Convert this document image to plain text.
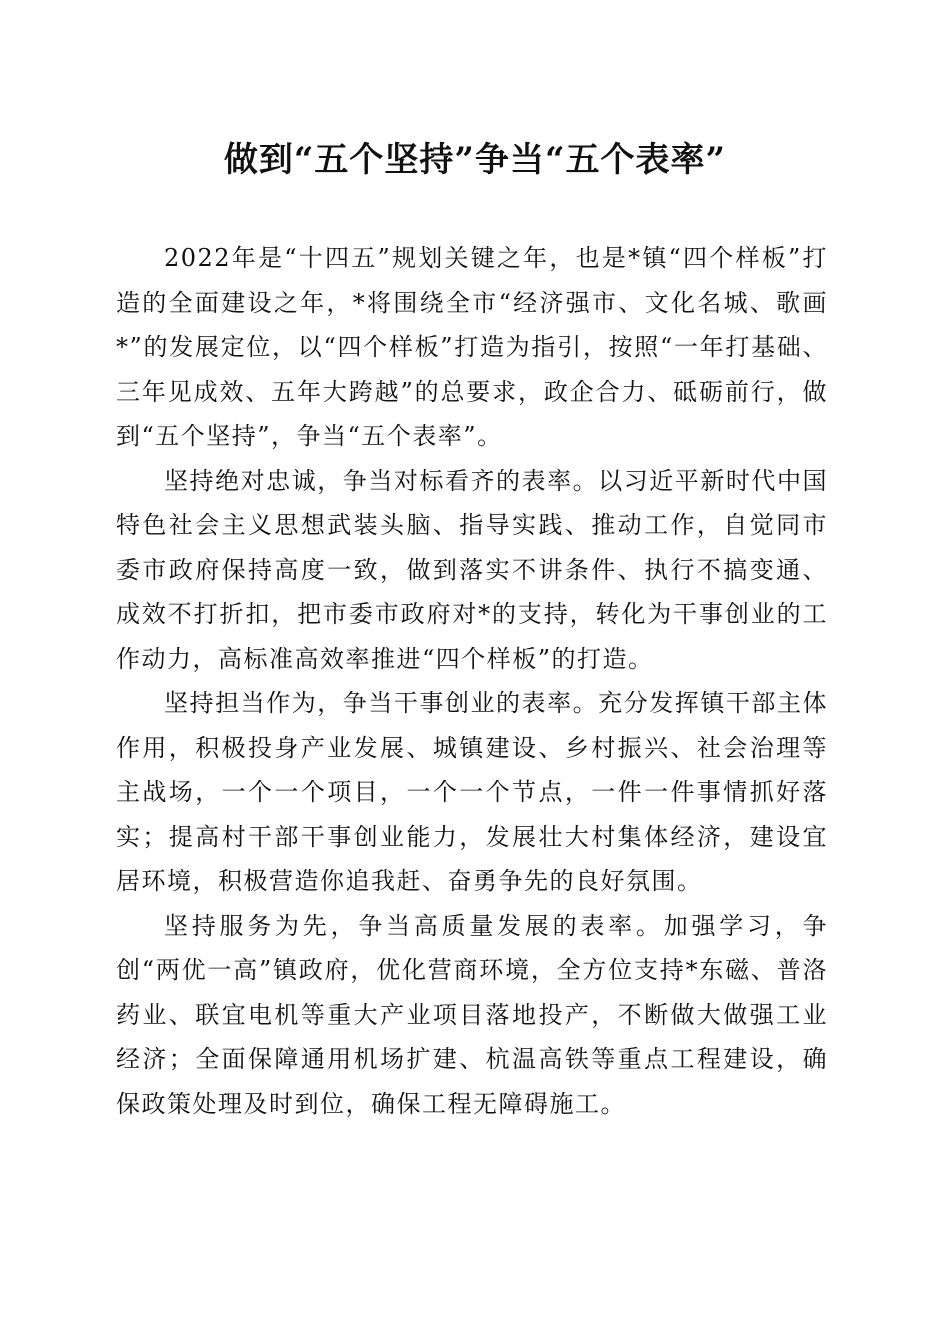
做到“五个坚持”争当“五个表率”

2022年是“十四五”规划关键之年，也是*镇“四个样板”打造的全面建设之年，*将围绕全市“经济强市、文化名城、歌画*”的发展定位，以“四个样板”打造为指引，按照“一年打基础、三年见成效、五年大跨越”的总要求，政企合力、砥砺前行，做到“五个坚持”，争当“五个表率”。

坚持绝对忠诚，争当对标看齐的表率。以习近平新时代中国特色社会主义思想武装头脑、指导实践、推动工作，自觉同市委市政府保持高度一致，做到落实不讲条件、执行不搞变通、成效不打折扣，把市委市政府对*的支持，转化为干事创业的工作动力，高标准高效率推进“四个样板”的打造。

坚持担当作为，争当干事创业的表率。充分发挥镇干部主体作用，积极投身产业发展、城镇建设、乡村振兴、社会治理等主战场，一个一个项目，一个一个节点，一件一件事情抓好落实；提高村干部干事创业能力，发展壮大村集体经济，建设宜居环境，积极营造你追我赶、奋勇争先的良好氛围。

坚持服务为先，争当高质量发展的表率。加强学习，争创“两优一高”镇政府，优化营商环境，全方位支持*东磁、普洛药业、联宜电机等重大产业项目落地投产，不断做大做强工业经济；全面保障通用机场扩建、杭温高铁等重点工程建设，确保政策处理及时到位，确保工程无障碍施工。
